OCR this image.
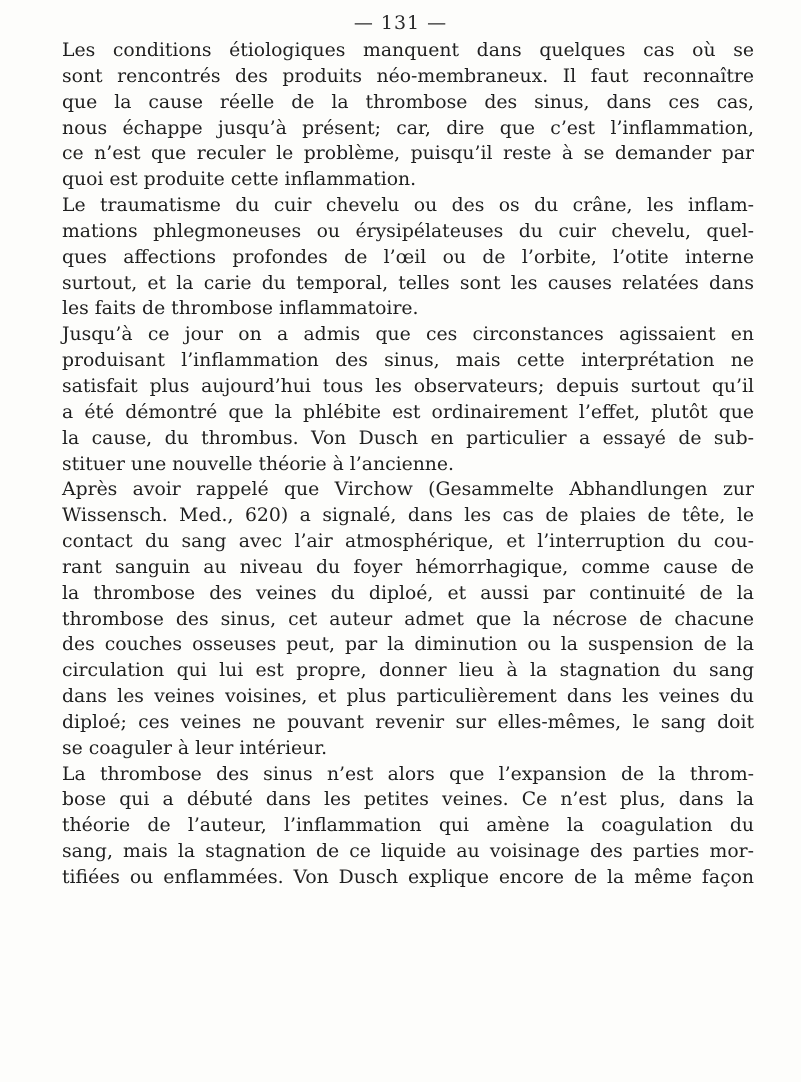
— 131 —
Les conditions étiologiques manquent dans quelques cas où se
sont rencontrés des produits néo-membraneux. Il faut reconnaître
que la cause réelle de la thrombose des sinus, dans ces cas,
nous échappe jusqu’à présent; car, dire que c’est l’inflammation,
ce n’est que reculer le problème, puisqu’il reste à se demander par
quoi est produite cette inflammation.
Le traumatisme du cuir chevelu ou des os du crâne, les inflam-
mations phlegmoneuses ou érysipélateuses du cuir chevelu, quel-
ques affections profondes de l’œil ou de l’orbite, l’otite interne
surtout, et la carie du temporal, telles sont les causes relatées dans
les faits de thrombose inflammatoire.
Jusqu’à ce jour on a admis que ces circonstances agissaient en
produisant l’inflammation des sinus, mais cette interprétation ne
satisfait plus aujourd’hui tous les observateurs; depuis surtout qu’il
a été démontré que la phlébite est ordinairement l’effet, plutôt que
la cause, du thrombus. Von Dusch en particulier a essayé de sub-
stituer une nouvelle théorie à l’ancienne.
Après avoir rappelé que Virchow (Gesammelte Abhandlungen zur
Wissensch. Med., 620) a signalé, dans les cas de plaies de tête, le
contact du sang avec l’air atmosphérique, et l’interruption du cou-
rant sanguin au niveau du foyer hémorrhagique, comme cause de
la thrombose des veines du diploé, et aussi par continuité de la
thrombose des sinus, cet auteur admet que la nécrose de chacune
des couches osseuses peut, par la diminution ou la suspension de la
circulation qui lui est propre, donner lieu à la stagnation du sang
dans les veines voisines, et plus particulièrement dans les veines du
diploé; ces veines ne pouvant revenir sur elles-mêmes, le sang doit
se coaguler à leur intérieur.
La thrombose des sinus n’est alors que l’expansion de la throm-
bose qui a débuté dans les petites veines. Ce n’est plus, dans la
théorie de l’auteur, l’inflammation qui amène la coagulation du
sang, mais la stagnation de ce liquide au voisinage des parties mor-
tifiées ou enflammées. Von Dusch explique encore de la même façon
